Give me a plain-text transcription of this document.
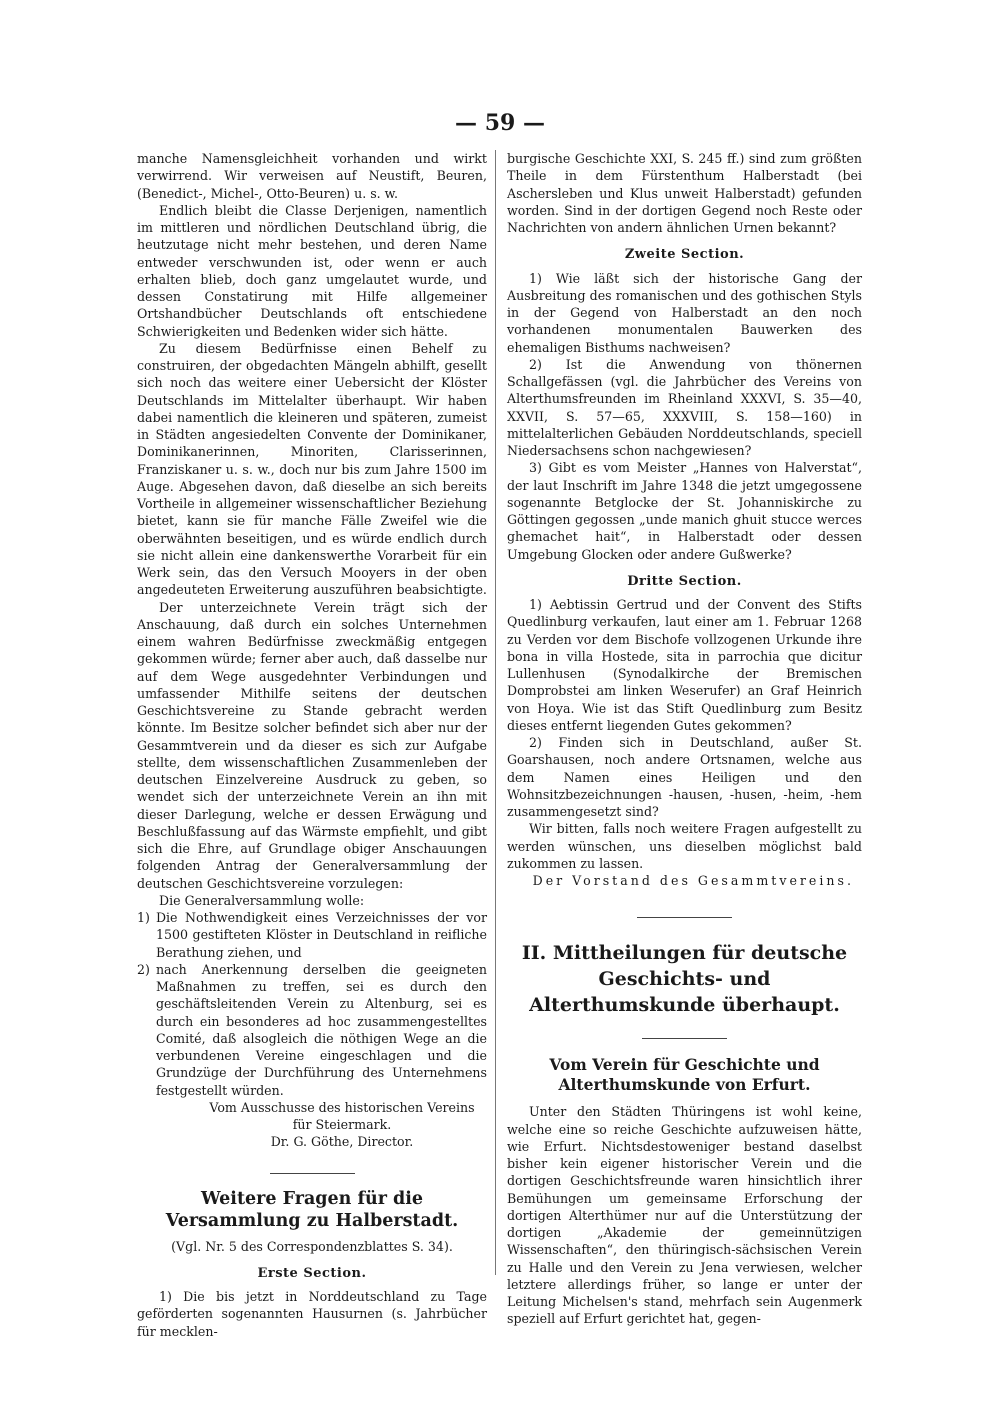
— 59 —

manche Namensgleichheit vorhanden und wirkt verwirrend. Wir verweisen auf Neustift, Beuren, (Benedict-, Michel-, Otto-Beuren) u. s. w.

Endlich bleibt die Classe Derjenigen, namentlich im mittleren und nördlichen Deutschland übrig, die heutzutage nicht mehr bestehen, und deren Name entweder verschwunden ist, oder wenn er auch erhalten blieb, doch ganz umgelautet wurde, und dessen Constatirung mit Hilfe allgemeiner Ortshandbücher Deutschlands oft entschiedene Schwierigkeiten und Bedenken wider sich hätte.

Zu diesem Bedürfnisse einen Behelf zu construiren, der obgedachten Mängeln abhilft, gesellt sich noch das weitere einer Uebersicht der Klöster Deutschlands im Mittelalter überhaupt. Wir haben dabei namentlich die kleineren und späteren, zumeist in Städten angesiedelten Convente der Dominikaner, Dominikanerinnen, Minoriten, Clarisserinnen, Franziskaner u. s. w., doch nur bis zum Jahre 1500 im Auge. Abgesehen davon, daß dieselbe an sich bereits Vortheile in allgemeiner wissenschaftlicher Beziehung bietet, kann sie für manche Fälle Zweifel wie die oberwähnten beseitigen, und es würde endlich durch sie nicht allein eine dankenswerthe Vorarbeit für ein Werk sein, das den Versuch Mooyers in der oben angedeuteten Erweiterung auszuführen beabsichtigte.

Der unterzeichnete Verein trägt sich der Anschauung, daß durch ein solches Unternehmen einem wahren Bedürfnisse zweckmäßig entgegen gekommen würde; ferner aber auch, daß dasselbe nur auf dem Wege ausgedehnter Verbindungen und umfassender Mithilfe seitens der deutschen Geschichtsvereine zu Stande gebracht werden könnte. Im Besitze solcher befindet sich aber nur der Gesammtverein und da dieser es sich zur Aufgabe stellte, dem wissenschaftlichen Zusammenleben der deutschen Einzelvereine Ausdruck zu geben, so wendet sich der unterzeichnete Verein an ihn mit dieser Darlegung, welche er dessen Erwägung und Beschlußfassung auf das Wärmste empfiehlt, und gibt sich die Ehre, auf Grundlage obiger Anschauungen folgenden Antrag der Generalversammlung der deutschen Geschichtsvereine vorzulegen:

Die Generalversammlung wolle:

1) Die Nothwendigkeit eines Verzeichnisses der vor 1500 gestifteten Klöster in Deutschland in reifliche Berathung ziehen, und
2) nach Anerkennung derselben die geeigneten Maßnahmen zu treffen, sei es durch den geschäftsleitenden Verein zu Altenburg, sei es durch ein besonderes ad hoc zusammengestelltes Comité, daß alsogleich die nöthigen Wege an die verbundenen Vereine eingeschlagen und die Grundzüge der Durchführung des Unternehmens festgestellt würden.

Vom Ausschusse des historischen Vereins

für Steiermark.

Dr. G. Göthe, Director.

Weitere Fragen für die Versammlung zu Halberstadt.

(Vgl. Nr. 5 des Correspondenzblattes S. 34).

Erste Section.

1) Die bis jetzt in Norddeutschland zu Tage geförderten sogenannten Hausurnen (s. Jahrbücher für mecklen-

burgische Geschichte XXI, S. 245 ff.) sind zum größten Theile in dem Fürstenthum Halberstadt (bei Aschersleben und Klus unweit Halberstadt) gefunden worden. Sind in der dortigen Gegend noch Reste oder Nachrichten von andern ähnlichen Urnen bekannt?

Zweite Section.

1) Wie läßt sich der historische Gang der Ausbreitung des romanischen und des gothischen Styls in der Gegend von Halberstadt an den noch vorhandenen monumentalen Bauwerken des ehemaligen Bisthums nachweisen?

2) Ist die Anwendung von thönernen Schallgefässen (vgl. die Jahrbücher des Vereins von Alterthumsfreunden im Rheinland XXXVI, S. 35—40, XXVII, S. 57—65, XXXVIII, S. 158—160) in mittelalterlichen Gebäuden Norddeutschlands, speciell Niedersachsens schon nachgewiesen?

3) Gibt es vom Meister „Hannes von Halverstat“, der laut Inschrift im Jahre 1348 die jetzt umgegossene sogenannte Betglocke der St. Johanniskirche zu Göttingen gegossen „unde manich ghuit stucce werces ghemachet hait“, in Halberstadt oder dessen Umgebung Glocken oder andere Gußwerke?

Dritte Section.

1) Aebtissin Gertrud und der Convent des Stifts Quedlinburg verkaufen, laut einer am 1. Februar 1268 zu Verden vor dem Bischofe vollzogenen Urkunde ihre bona in villa Hostede, sita in parrochia que dicitur Lullenhusen (Synodalkirche der Bremischen Domprobstei am linken Weserufer) an Graf Heinrich von Hoya. Wie ist das Stift Quedlinburg zum Besitz dieses entfernt liegenden Gutes gekommen?

2) Finden sich in Deutschland, außer St. Goarshausen, noch andere Ortsnamen, welche aus dem Namen eines Heiligen und den Wohnsitzbezeichnungen -hausen, -husen, -heim, -hem zusammengesetzt sind?

Wir bitten, falls noch weitere Fragen aufgestellt zu werden wünschen, uns dieselben möglichst bald zukommen zu lassen.

Der Vorstand des Gesammtvereins.

II. Mittheilungen für deutsche Geschichts- und Alterthumskunde überhaupt.
Vom Verein für Geschichte und Alterthumskunde von Erfurt.

Unter den Städten Thüringens ist wohl keine, welche eine so reiche Geschichte aufzuweisen hätte, wie Erfurt. Nichtsdestoweniger bestand daselbst bisher kein eigener historischer Verein und die dortigen Geschichtsfreunde waren hinsichtlich ihrer Bemühungen um gemeinsame Erforschung der dortigen Alterthümer nur auf die Unterstützung der dortigen „Akademie der gemeinnützigen Wissenschaften“, den thüringisch-sächsischen Verein zu Halle und den Verein zu Jena verwiesen, welcher letztere allerdings früher, so lange er unter der Leitung Michelsen's stand, mehrfach sein Augenmerk speziell auf Erfurt gerichtet hat, gegen-
